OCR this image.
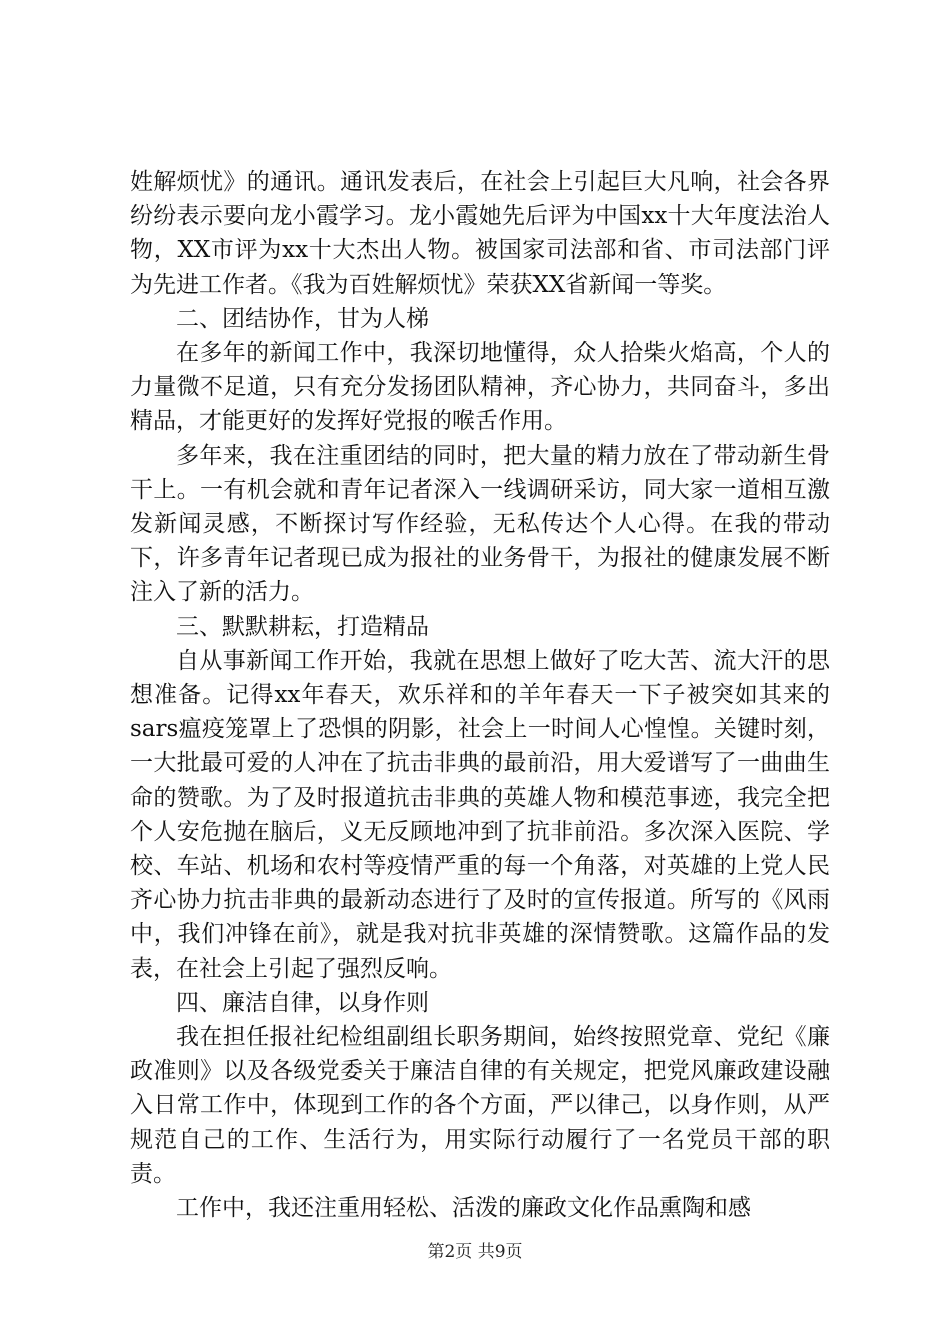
姓解烦忧》的通讯。通讯发表后，在社会上引起巨大凡响，社会各界纷纷表示要向龙小霞学习。龙小霞她先后评为中国xx十大年度法治人物，XX市评为xx十大杰出人物。被国家司法部和省、市司法部门评为先进工作者。《我为百姓解烦忧》荣获XX省新闻一等奖。

二、团结协作，甘为人梯

在多年的新闻工作中，我深切地懂得，众人拾柴火焰高，个人的力量微不足道，只有充分发扬团队精神，齐心协力，共同奋斗，多出精品，才能更好的发挥好党报的喉舌作用。

多年来，我在注重团结的同时，把大量的精力放在了带动新生骨干上。一有机会就和青年记者深入一线调研采访，同大家一道相互激发新闻灵感，不断探讨写作经验，无私传达个人心得。在我的带动下，许多青年记者现已成为报社的业务骨干，为报社的健康发展不断注入了新的活力。

三、默默耕耘，打造精品

自从事新闻工作开始，我就在思想上做好了吃大苦、流大汗的思想准备。记得xx年春天，欢乐祥和的羊年春天一下子被突如其来的sars瘟疫笼罩上了恐惧的阴影，社会上一时间人心惶惶。关键时刻，一大批最可爱的人冲在了抗击非典的最前沿，用大爱谱写了一曲曲生命的赞歌。为了及时报道抗击非典的英雄人物和模范事迹，我完全把个人安危抛在脑后，义无反顾地冲到了抗非前沿。多次深入医院、学校、车站、机场和农村等疫情严重的每一个角落，对英雄的上党人民齐心协力抗击非典的最新动态进行了及时的宣传报道。所写的《风雨中，我们冲锋在前》，就是我对抗非英雄的深情赞歌。这篇作品的发表，在社会上引起了强烈反响。

四、廉洁自律，以身作则

我在担任报社纪检组副组长职务期间，始终按照党章、党纪《廉政准则》以及各级党委关于廉洁自律的有关规定，把党风廉政建设融入日常工作中，体现到工作的各个方面，严以律己，以身作则，从严规范自己的工作、生活行为，用实际行动履行了一名党员干部的职责。

工作中，我还注重用轻松、活泼的廉政文化作品熏陶和感

第2页 共9页
